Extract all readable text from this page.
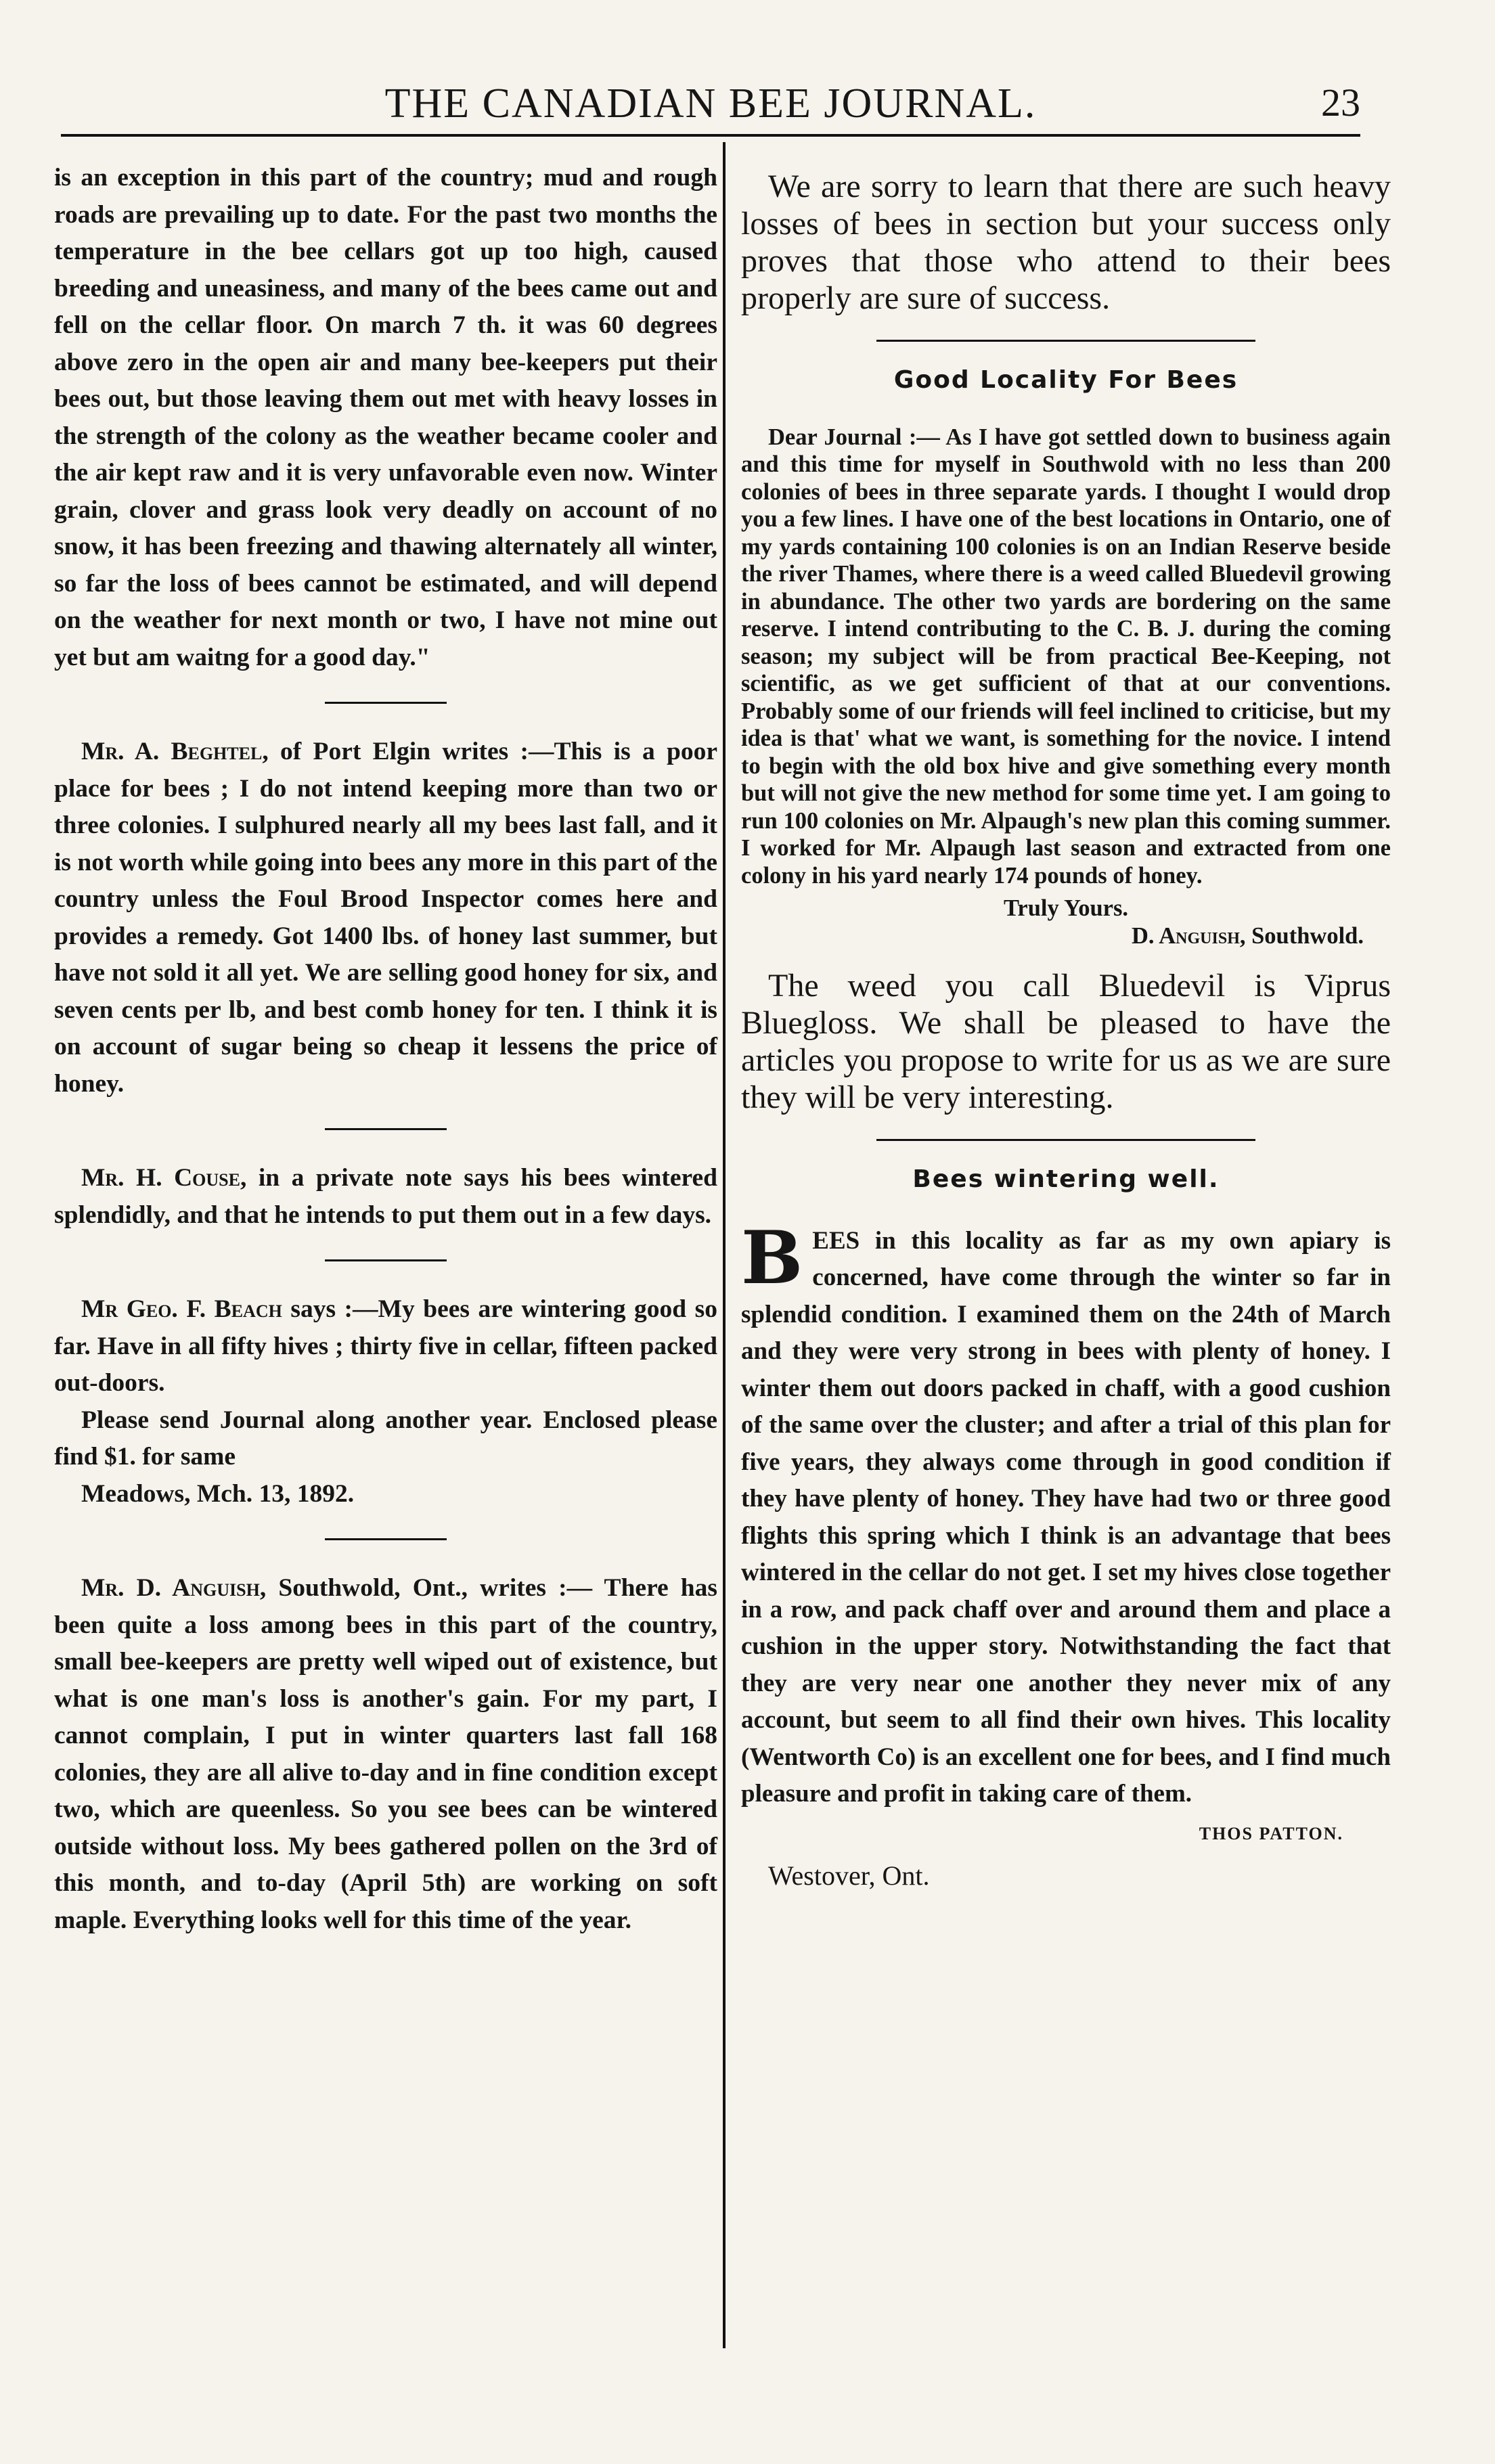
THE CANADIAN BEE JOURNAL.	23

is an exception in this part of the country; mud and rough roads are prevailing up to date. For the past two months the temperature in the bee cellars got up too high, caused breeding and uneasiness, and many of the bees came out and fell on the cellar floor. On march 7 th. it was 60 degrees above zero in the open air and many bee-keepers put their bees out, but those leaving them out met with heavy losses in the strength of the colony as the weather became cooler and the air kept raw and it is very unfavorable even now. Winter grain, clover and grass look very deadly on account of no snow, it has been freezing and thawing alternately all winter, so far the loss of bees cannot be estimated, and will depend on the weather for next month or two, I have not mine out yet but am waitng for a good day."

Mr. A. Beghtel, of Port Elgin writes :—This is a poor place for bees ; I do not intend keeping more than two or three colonies. I sulphured nearly all my bees last fall, and it is not worth while going into bees any more in this part of the country unless the Foul Brood Inspector comes here and provides a remedy. Got 1400 lbs. of honey last summer, but have not sold it all yet. We are selling good honey for six, and seven cents per lb, and best comb honey for ten. I think it is on account of sugar being so cheap it lessens the price of honey.

Mr. H. Couse, in a private note says his bees wintered splendidly, and that he intends to put them out in a few days.

Mr Geo. F. Beach says :—My bees are wintering good so far. Have in all fifty hives ; thirty five in cellar, fifteen packed out-doors.

Please send Journal along another year. Enclosed please find $1. for same

Meadows, Mch. 13, 1892.

Mr. D. Anguish, Southwold, Ont., writes :— There has been quite a loss among bees in this part of the country, small bee-keepers are pretty well wiped out of existence, but what is one man's loss is another's gain. For my part, I cannot complain, I put in winter quarters last fall 168 colonies, they are all alive to-day and in fine condition except two, which are queenless. So you see bees can be wintered outside without loss. My bees gathered pollen on the 3rd of this month, and to-day (April 5th) are working on soft maple. Everything looks well for this time of the year.

We are sorry to learn that there are such heavy losses of bees in section but your success only proves that those who attend to their bees properly are sure of success.

Good Locality For Bees

Dear Journal :— As I have got settled down to business again and this time for myself in Southwold with no less than 200 colonies of bees in three separate yards. I thought I would drop you a few lines. I have one of the best locations in Ontario, one of my yards containing 100 colonies is on an Indian Reserve beside the river Thames, where there is a weed called Bluedevil growing in abundance. The other two yards are bordering on the same reserve. I intend contributing to the C. B. J. during the coming season; my subject will be from practical Bee-Keeping, not scientific, as we get sufficient of that at our conventions. Probably some of our friends will feel inclined to criticise, but my idea is that' what we want, is something for the novice. I intend to begin with the old box hive and give something every month but will not give the new method for some time yet. I am going to run 100 colonies on Mr. Alpaugh's new plan this coming summer. I worked for Mr. Alpaugh last season and extracted from one colony in his yard nearly 174 pounds of honey.

Truly Yours.

D. Anguish, Southwold.

The weed you call Bluedevil is Viprus Bluegloss. We shall be pleased to have the articles you propose to write for us as we are sure they will be very interesting.

Bees wintering well.

BEES in this locality as far as my own apiary is concerned, have come through the winter so far in splendid condition. I examined them on the 24th of March and they were very strong in bees with plenty of honey. I winter them out doors packed in chaff, with a good cushion of the same over the cluster; and after a trial of this plan for five years, they always come through in good condition if they have plenty of honey. They have had two or three good flights this spring which I think is an advantage that bees wintered in the cellar do not get. I set my hives close together in a row, and pack chaff over and around them and place a cushion in the upper story. Notwithstanding the fact that they are very near one another they never mix of any account, but seem to all find their own hives. This locality (Wentworth Co) is an excellent one for bees, and I find much pleasure and profit in taking care of them.

THOS PATTON.
Westover, Ont.
